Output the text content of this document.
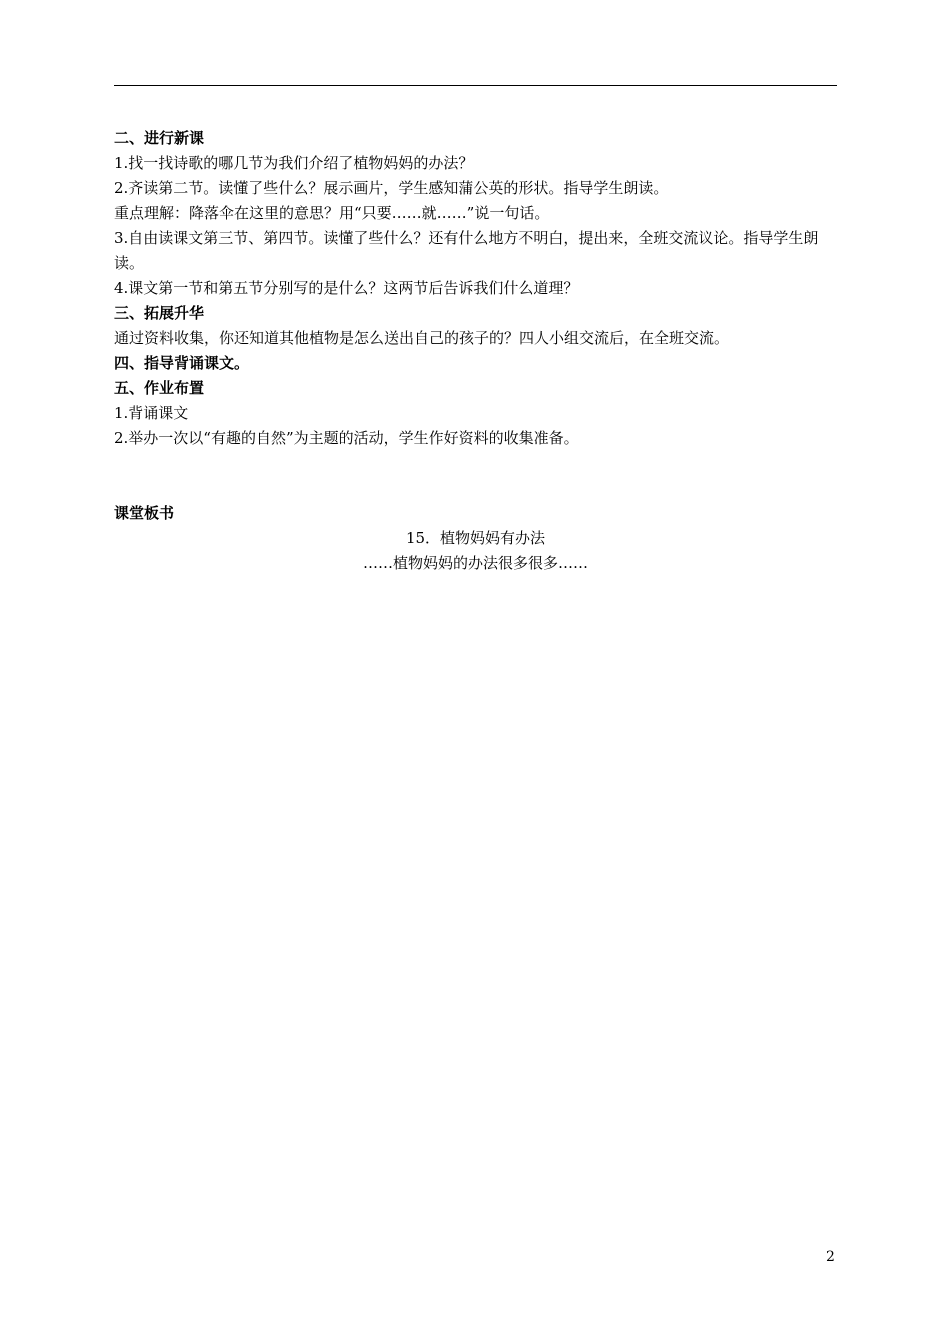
二、进行新课

1.找一找诗歌的哪几节为我们介绍了植物妈妈的办法？

2.齐读第二节。读懂了些什么？展示画片，学生感知蒲公英的形状。指导学生朗读。

重点理解：降落伞在这里的意思？用“只要……就……”说一句话。

3.自由读课文第三节、第四节。读懂了些什么？还有什么地方不明白，提出来，全班交流议论。指导学生朗读。

4.课文第一节和第五节分别写的是什么？这两节后告诉我们什么道理？

三、拓展升华

通过资料收集，你还知道其他植物是怎么送出自己的孩子的？四人小组交流后，在全班交流。

四、指导背诵课文。

五、作业布置

1.背诵课文

2.举办一次以“有趣的自然”为主题的活动，学生作好资料的收集准备。

课堂板书

15．植物妈妈有办法

……植物妈妈的办法很多很多……

2
